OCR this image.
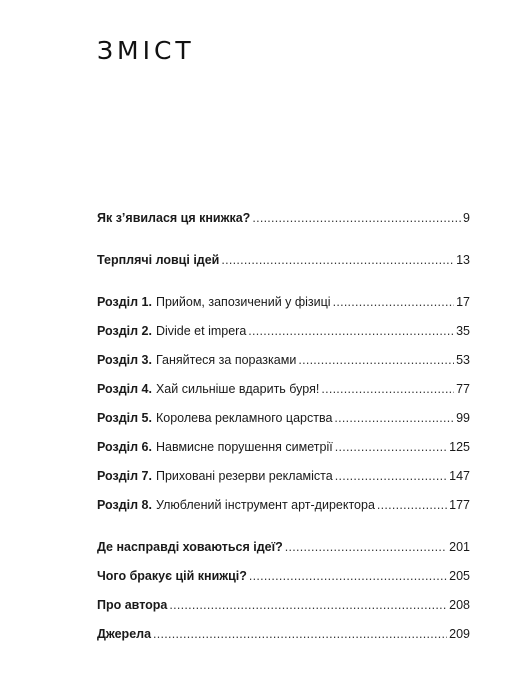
ЗМІСТ
Як з’явилася ця книжка? . . .	9
Терплячі ловці ідей . . .	13
Розділ 1. Прийом, запозичений у фізиці . . .	17
Розділ 2. Divide et impera . . .	35
Розділ 3. Ганяйтеся за поразками . . .	53
Розділ 4. Хай сильніше вдарить буря! . . .	77
Розділ 5. Королева рекламного царства . . .	99
Розділ 6. Навмисне порушення симетрії . . .	125
Розділ 7. Приховані резерви рекламіста . . .	147
Розділ 8. Улюблений інструмент арт-директора . . .	177
Де насправді ховаються ідеї? . . .	201
Чого бракує цій книжці? . . .	205
Про автора . . .	208
Джерела . . .	209
